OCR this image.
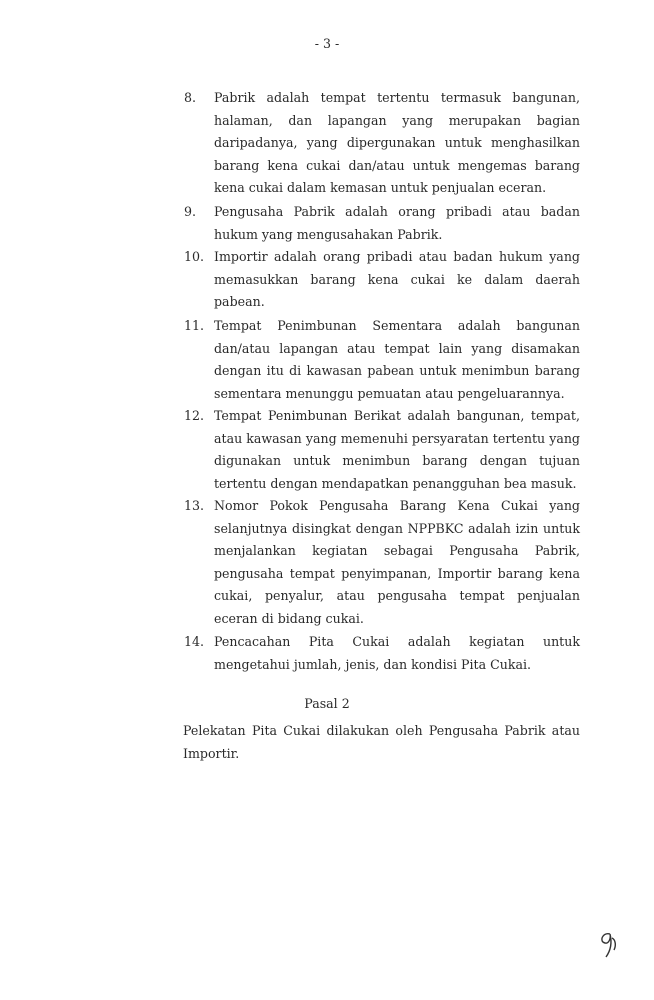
- 3 -
8. Pabrik adalah tempat tertentu termasuk bangunan,
halaman, dan lapangan yang merupakan bagian
daripadanya, yang dipergunakan untuk menghasilkan
barang kena cukai dan/atau untuk mengemas barang
kena cukai dalam kemasan untuk penjualan eceran.
9. Pengusaha Pabrik adalah orang pribadi atau badan
hukum yang mengusahakan Pabrik.
10. Importir adalah orang pribadi atau badan hukum yang
memasukkan barang kena cukai ke dalam daerah
pabean.
11. Tempat Penimbunan Sementara adalah bangunan
dan/atau lapangan atau tempat lain yang disamakan
dengan itu di kawasan pabean untuk menimbun barang
sementara menunggu pemuatan atau pengeluarannya.
12. Tempat Penimbunan Berikat adalah bangunan, tempat,
atau kawasan yang memenuhi persyaratan tertentu yang
digunakan untuk menimbun barang dengan tujuan
tertentu dengan mendapatkan penangguhan bea masuk.
13. Nomor Pokok Pengusaha Barang Kena Cukai yang
selanjutnya disingkat dengan NPPBKC adalah izin untuk
menjalankan kegiatan sebagai Pengusaha Pabrik,
pengusaha tempat penyimpanan, Importir barang kena
cukai, penyalur, atau pengusaha tempat penjualan
eceran di bidang cukai.
14. Pencacahan Pita Cukai adalah kegiatan untuk
mengetahui jumlah, jenis, dan kondisi Pita Cukai.
Pasal 2
Pelekatan Pita Cukai dilakukan oleh Pengusaha Pabrik atau
Importir.
